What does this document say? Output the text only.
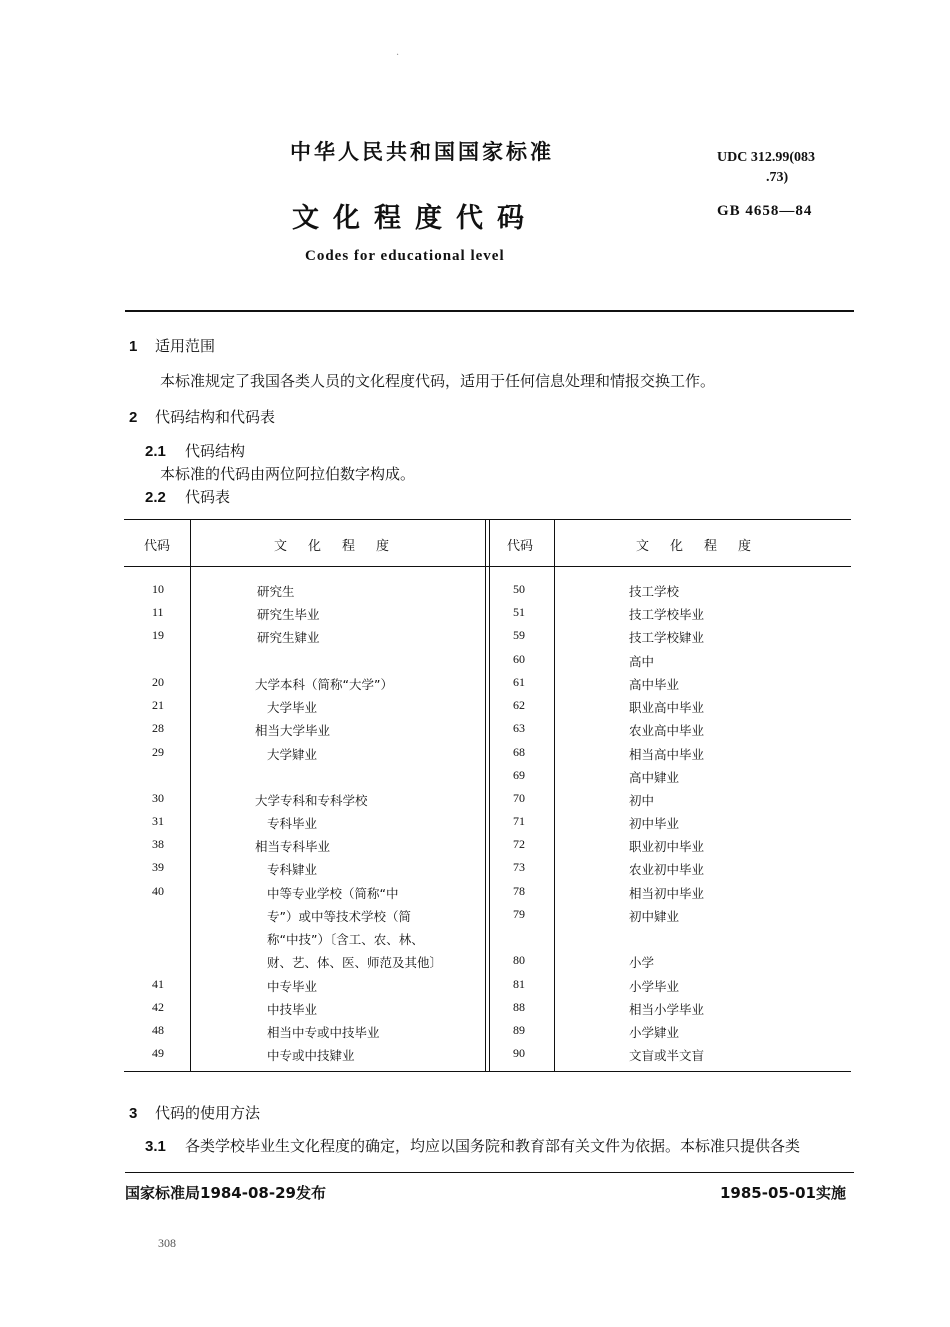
·
中华人民共和国国家标准
文化程度代码
Codes for educational level
UDC 312.99(083
.73)
GB 4658—84
1 适用范围
本标准规定了我国各类人员的文化程度代码，适用于任何信息处理和情报交换工作。
2 代码结构和代码表
2.1 代码结构
本标准的代码由两位阿拉伯数字构成。
2.2 代码表
代码	文　化　程　度	代码	文　化　程　度
10	研究生
11	研究生毕业
19	研究生肄业
20	大学本科（简称“大学”）
21	大学毕业
28	相当大学毕业
29	大学肄业
30	大学专科和专科学校
31	专科毕业
38	相当专科毕业
39	专科肄业
40	中等专业学校（简称“中
专”）或中等技术学校（简
称“中技”）〔含工、农、林、
财、艺、体、医、师范及其他〕
41	中专毕业
42	中技毕业
48	相当中专或中技毕业
49	中专或中技肄业
50	技工学校
51	技工学校毕业
59	技工学校肄业
60	高中
61	高中毕业
62	职业高中毕业
63	农业高中毕业
68	相当高中毕业
69	高中肄业
70	初中
71	初中毕业
72	职业初中毕业
73	农业初中毕业
78	相当初中毕业
79	初中肄业
80	小学
81	小学毕业
88	相当小学毕业
89	小学肄业
90	文盲或半文盲
3 代码的使用方法
3.1 各类学校毕业生文化程度的确定，均应以国务院和教育部有关文件为依据。本标准只提供各类
国家标准局1984-08-29发布	1985-05-01实施
308
